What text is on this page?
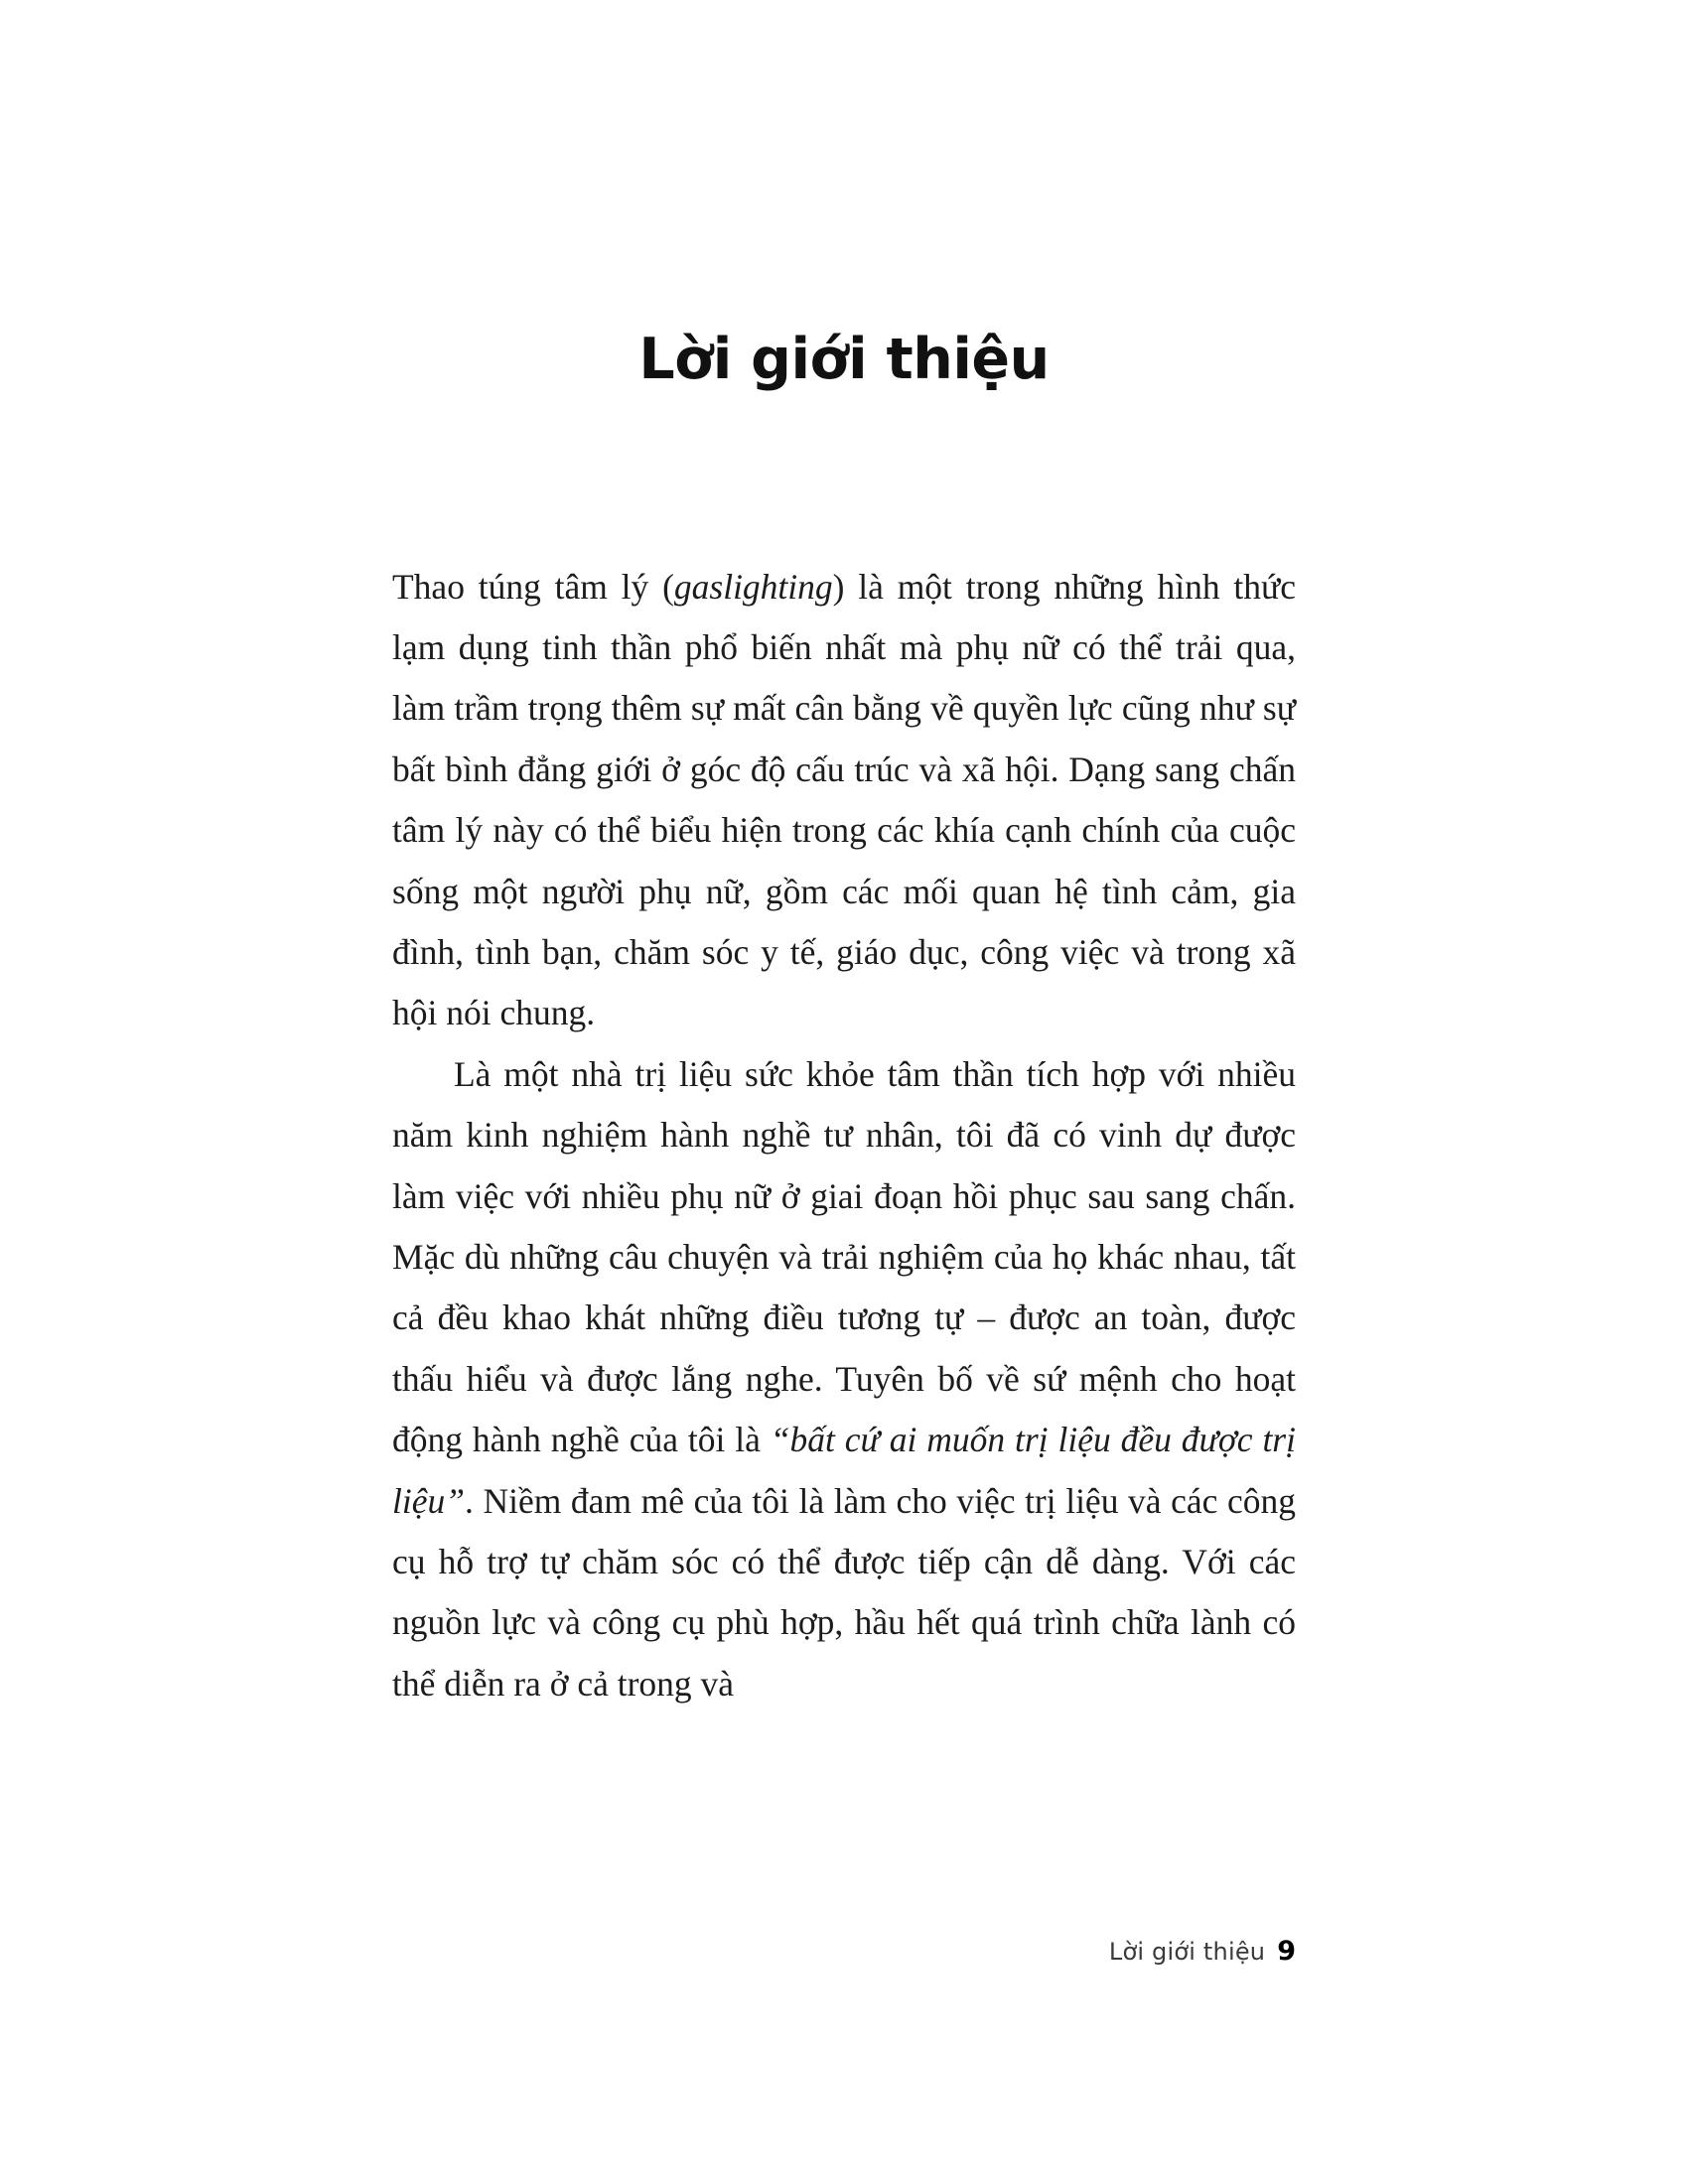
Lời giới thiệu

Thao túng tâm lý (gaslighting) là một trong những hình thức lạm dụng tinh thần phổ biến nhất mà phụ nữ có thể trải qua, làm trầm trọng thêm sự mất cân bằng về quyền lực cũng như sự bất bình đẳng giới ở góc độ cấu trúc và xã hội. Dạng sang chấn tâm lý này có thể biểu hiện trong các khía cạnh chính của cuộc sống một người phụ nữ, gồm các mối quan hệ tình cảm, gia đình, tình bạn, chăm sóc y tế, giáo dục, công việc và trong xã hội nói chung.

Là một nhà trị liệu sức khỏe tâm thần tích hợp với nhiều năm kinh nghiệm hành nghề tư nhân, tôi đã có vinh dự được làm việc với nhiều phụ nữ ở giai đoạn hồi phục sau sang chấn. Mặc dù những câu chuyện và trải nghiệm của họ khác nhau, tất cả đều khao khát những điều tương tự – được an toàn, được thấu hiểu và được lắng nghe. Tuyên bố về sứ mệnh cho hoạt động hành nghề của tôi là “bất cứ ai muốn trị liệu đều được trị liệu”. Niềm đam mê của tôi là làm cho việc trị liệu và các công cụ hỗ trợ tự chăm sóc có thể được tiếp cận dễ dàng. Với các nguồn lực và công cụ phù hợp, hầu hết quá trình chữa lành có thể diễn ra ở cả trong và

Lời giới thiệu 9
